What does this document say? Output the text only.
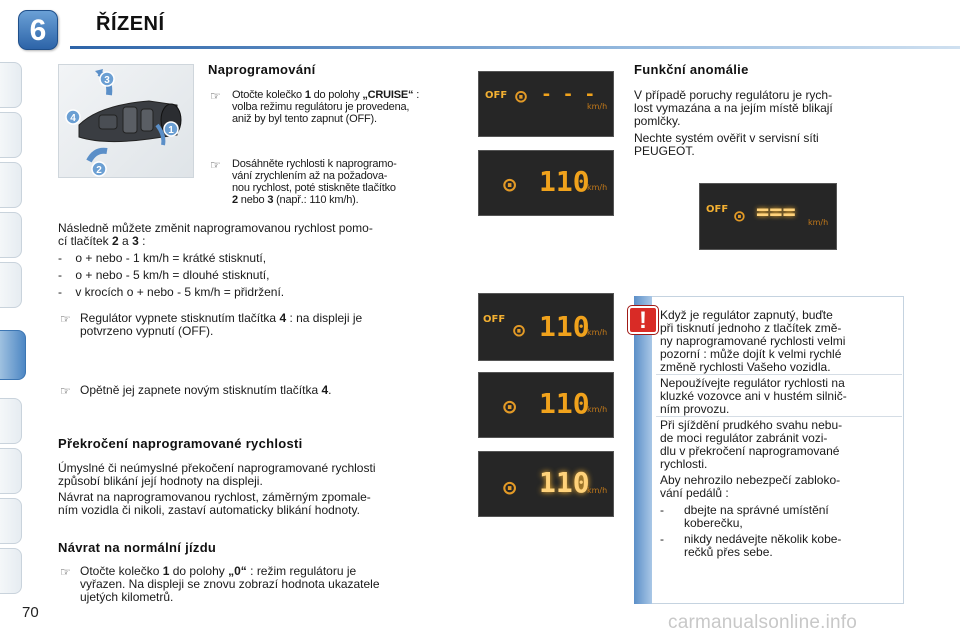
6	ŘÍZENÍ
3
4
1
2
Naprogramování
☞ Otočte kolečko 1 do polohy „CRUISE“ :
volba režimu regulátoru je provedena,
aniž by byl tento zapnut (OFF).
☞ Dosáhněte rychlosti k naprogramo-
vání zrychlením až na požadova-
nou rychlost, poté stiskněte tlačítko
2 nebo 3 (např.: 110 km/h).
Následně můžete změnit naprogramovanou rychlost pomo-
cí tlačítek 2 a 3 :
-    o + nebo - 1 km/h = krátké stisknutí,
-    o + nebo - 5 km/h = dlouhé stisknutí,
-    v krocích o + nebo - 5 km/h = přidržení.
☞ Regulátor vypnete stisknutím tlačítka 4 : na displeji je
potvrzeno vypnutí (OFF).
☞ Opětně jej zapnete novým stisknutím tlačítka 4.
Překročení naprogramované rychlosti
Úmyslné či neúmyslné překočení naprogramované rychlosti
způsobí blikání její hodnoty na displeji.
Návrat na naprogramovanou rychlost, záměrným zpomale-
ním vozidla či nikoli, zastaví automaticky blikání hodnoty.
Návrat na normální jízdu
☞ Otočte kolečko 1 do polohy „0“ : režim regulátoru je
vyřazen. Na displeji se znovu zobrazí hodnota ukazatele
ujetých kilometrů.
OFF ⊙ - - -
km/h
⊙ 110
km/h
OFF ⊙ 110
km/h
⊙ 110
km/h
⊙ 110
km/h
Funkční anomálie
V případě poruchy regulátoru je rych-
lost vymazána a na jejím místě blikají
pomlčky.
Nechte systém ověřit v servisní síti
PEUGEOT.
OFF ⊙ === km/h
!	Když je regulátor zapnutý, buďte
při tisknutí jednoho z tlačítek změ-
ny naprogramované rychlosti velmi
pozorní : může dojít k velmi rychlé
změně rychlosti Vašeho vozidla.
Nepoužívejte regulátor rychlosti na
kluzké vozovce ani v hustém silnič-
ním provozu.
Při sjíždění prudkého svahu nebu-
de moci regulátor zabránit vozi-
dlu v překročení naprogramované
rychlosti.
Aby nehrozilo nebezpečí zabloko-
vání pedálů :
-	dbejte na správné umístění
koberečku,
-	nikdy nedávejte několik kobe-
rečků přes sebe.
70	carmanualsonline.info
